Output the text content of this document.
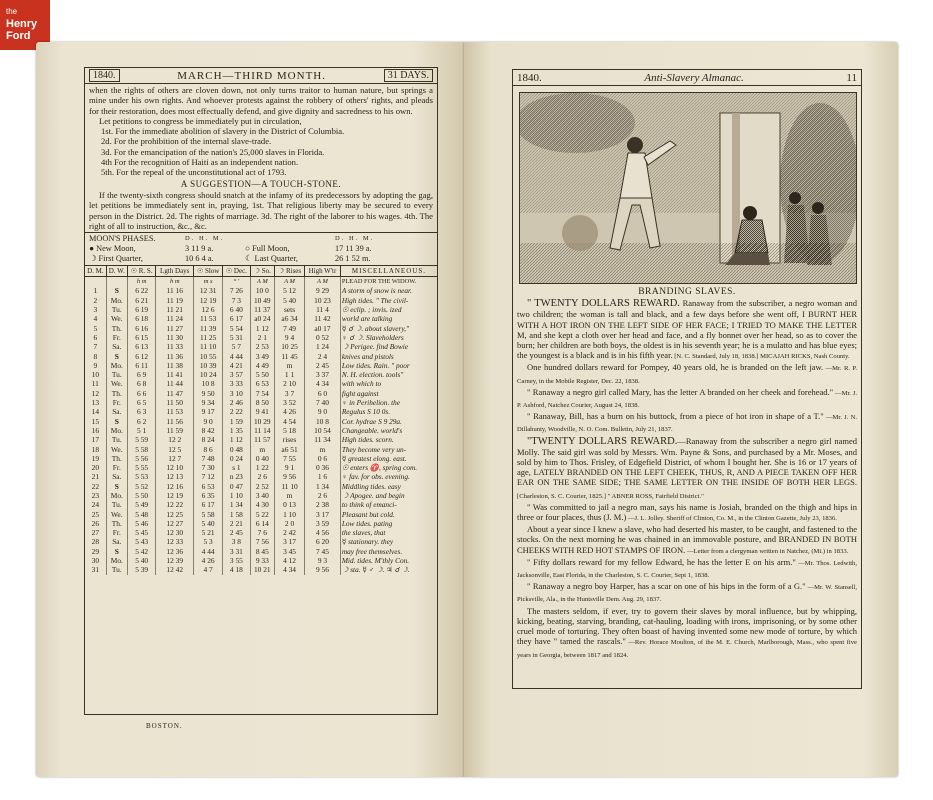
the
Henry
Ford
1840.	MARCH—THIRD MONTH.	31 DAYS.

when the rights of others are cloven down, not only turns traitor to human nature, but springs a mine under his own rights. And whoever protests against the robbery of others' rights, and pleads for their restoration, does most effectually defend, and give dignity and sacredness to his own.

Let petitions to congress be immediately put in circulation,

1st. For the immediate abolition of slavery in the District of Columbia.

2d. For the prohibition of the internal slave-trade.

3d. For the emancipation of the nation's 25,000 slaves in Florida.

4th For the recognition of Haiti as an independent nation.

5th. For the repeal of the unconstitutional act of 1793.

A SUGGESTION—A TOUCH-STONE.

If the twenty-sixth congress should snatch at the infamy of its predecessors by adopting the gag, let petitions be immediately sent in, praying, 1st. That religious liberty may be secured to every person in the District. 2d. The rights of marriage. 3d. The right of the laborer to his wages. 4th. The right of all to instruction, &c., &c.

MOON'S PHASES.	D. H. M.	D. H. M.
● New Moon,	3 11 9 a.	○ Full Moon,	17 11 39 a.
☽ First Quarter,	10 6 4 a.	☾ Last Quarter,	26 1 52 m.
D. M.	D. W.	☉ R. S.	Lgth Days	☉ Slow	☉ Dec.	☽ So.	☽ Rises	High W'tr	MISCELLANEOUS.
		h m	h m	m s	° ′	A M	A M	A M	PLEAD FOR THE WIDOW.
1	S	6 22	11 16	12 31	7 26	10 0	5 12	9 29	A storm of snow is near.
2	Mo.	6 21	11 19	12 19	7 3	10 49	5 40	10 23	High tides. " The civil-
3	Tu.	6 19	11 21	12 6	6 40	11 37	sets	11 4	☉ eclip. ; invis. ized
4	We.	6 18	11 24	11 53	6 17	a0 24	a6 34	11 42	world are talking
5	Th.	6 16	11 27	11 39	5 54	1 12	7 49	a0 17	☿ ☌ ☽. about slavery,"
6	Fr.	6 15	11 30	11 25	5 31	2 1	9 4	0 52	♀ ☌ ☽. Slaveholders
7	Sa.	6 13	11 33	11 10	5 7	2 53	10 25	1 24	☽ Perigee. find Bowie
8	S	6 12	11 36	10 55	4 44	3 49	11 45	2 4	knives and pistols
9	Mo.	6 11	11 38	10 39	4 21	4 49	m	2 45	Low tides. Rain. " poor
10	Tu.	6 9	11 41	10 24	3 57	5 50	1 1	3 37	N. H. election. tools"
11	We.	6 8	11 44	10 8	3 33	6 53	2 10	4 34	with which to
12	Th.	6 6	11 47	9 50	3 10	7 54	3 7	6 0	fight against
13	Fr.	6 5	11 50	9 34	2 46	8 50	3 52	7 40	♀ in Perihelion. the
14	Sa.	6 3	11 53	9 17	2 22	9 41	4 26	9 0	Regulus S 10 0s.
15	S	6 2	11 56	9 0	1 59	10 29	4 54	10 8	Cor. hydrae S 9 29a.
16	Mo.	5 1	11 59	8 42	1 35	11 14	5 18	10 54	Changeable. world's
17	Tu.	5 59	12 2	8 24	1 12	11 57	rises	11 34	High tides. scorn.
18	We.	5 58	12 5	8 6	0 48	m	a6 51	m	They become very un-
19	Th.	5 56	12 7	7 48	0 24	0 40	7 55	0 6	☿ greatest elong. east.
20	Fr.	5 55	12 10	7 30	s 1	1 22	9 1	0 36	☉ enters ♈, spring com.
21	Sa.	5 53	12 13	7 12	n 23	2 6	9 56	1 6	♀ fav. for obs. evening.
22	S	5 52	12 16	6 53	0 47	2 52	11 10	1 34	Middling tides. easy
23	Mo.	5 50	12 19	6 35	1 10	3 40	m	2 6	☽ Apogee. and begin
24	Tu.	5 49	12 22	6 17	1 34	4 30	0 13	2 38	to think of emanci-
25	We.	5 48	12 25	5 58	1 58	5 22	1 10	3 17	Pleasant but cold.
26	Th.	5 46	12 27	5 40	2 21	6 14	2 0	3 59	Low tides. pating
27	Fr.	5 45	12 30	5 21	2 45	7 6	2 42	4 56	the slaves, that
28	Sa.	5 43	12 33	5 3	3 8	7 56	3 17	6 20	☿ stationary. they
29	S	5 42	12 36	4 44	3 31	8 45	3 45	7 45	may free themselves.
30	Mo.	5 40	12 39	4 26	3 55	9 33	4 12	9 3	Mid. tides. M'thly Con.
31	Tu.	5 39	12 42	4 7	4 18	10 21	4 34	9 56	☽ sta. ☿ ♂ ☽. ♃ ☌ ☽.
BOSTON.
1840.	Anti-Slavery Almanac.	11
BRANDING SLAVES.

" TWENTY DOLLARS REWARD. Ranaway from the subscriber, a negro woman and two children; the woman is tall and black, and a few days before she went off, I BURNT HER WITH A HOT IRON ON THE LEFT SIDE OF HER FACE; I TRIED TO MAKE THE LETTER M, and she kept a cloth over her head and face, and a fly bonnet over her head, so as to cover the burn; her children are both boys, the oldest is in his seventh year; he is a mulatto and has blue eyes; the youngest is a black and is in his fifth year. [N. C. Standard, July 18, 1838.] MICAJAH RICKS, Nash County.

One hundred dollars reward for Pompey, 40 years old, he is branded on the left jaw. —Mr. R. P. Carney, in the Mobile Register, Dec. 22, 1838.

" Ranaway a negro girl called Mary, has the letter A branded on her cheek and forehead." —Mr. J. P. Ashford, Natchez Courier, August 24, 1838.

" Ranaway, Bill, has a burn on his buttock, from a piece of hot iron in shape of a T." —Mr. J. N. Dillahunty, Woodville, N. O. Com. Bulletin, July 21, 1837.

"TWENTY DOLLARS REWARD.—Ranaway from the subscriber a negro girl named Molly. The said girl was sold by Messrs. Wm. Payne & Sons, and purchased by a Mr. Moses, and sold by him to Thos. Frisley, of Edgefield District, of whom I bought her. She is 16 or 17 years of age, LATELY BRANDED ON THE LEFT CHEEK, THUS, R, AND A PIECE TAKEN OFF HER EAR ON THE SAME SIDE; THE SAME LETTER ON THE INSIDE OF BOTH HER LEGS. [Charleston, S. C. Courier, 1825.] " ABNER ROSS, Fairfield District."

" Was committed to jail a negro man, says his name is Josiah, branded on the thigh and hips in three or four places, thus (J. M.) —J. L. Jolley. Sheriff of Clinton, Co. M., in the Clinton Gazette, July 23, 1836.

About a year since I knew a slave, who had deserted his master, to be caught, and fastened to the stocks. On the next morning he was chained in an immovable posture, and BRANDED IN BOTH CHEEKS WITH RED HOT STAMPS OF IRON. —Letter from a clergyman written in Natchez, (Mi.) in 1833.

" Fifty dollars reward for my fellow Edward, he has the letter E on his arm." —Mr. Thos. Ledwith, Jacksonville, East Florida, in the Charleston, S. C. Courier, Sept 1, 1838.

" Ranaway a negro boy Harper, has a scar on one of his hips in the form of a G." —Mr. W. Stansell, Picksville, Ala., in the Huntsville Dem. Aug. 29, 1837.

The masters seldom, if ever, try to govern their slaves by moral influence, but by whipping, kicking, beating, starving, branding, cat-hauling, loading with irons, imprisoning, or by some other cruel mode of torturing. They often boast of having invented some new mode of torture, by which they have " tamed the rascals." —Rev. Horace Moulton, of the M. E. Church, Marlborough, Mass., who spent five years in Georgia, between 1817 and 1824.
